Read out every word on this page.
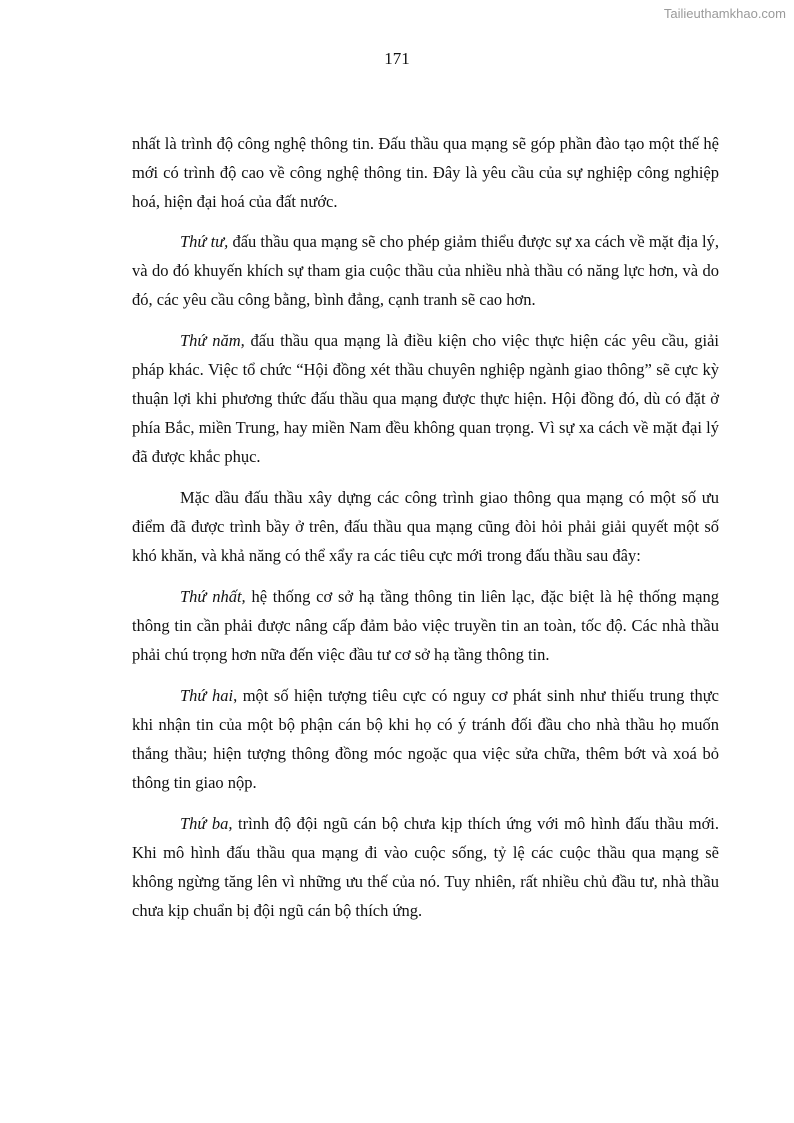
Tailieuthamkhao.com
171

nhất là trình độ công nghệ thông tin. Đấu thầu qua mạng sẽ góp phần đào tạo một thế hệ mới có trình độ cao về công nghệ thông tin. Đây là yêu cầu của sự nghiệp công nghiệp hoá, hiện đại hoá của đất nước.

Thứ tư, đấu thầu qua mạng sẽ cho phép giảm thiểu được sự xa cách về mặt địa lý, và do đó khuyến khích sự tham gia cuộc thầu của nhiều nhà thầu có năng lực hơn, và do đó, các yêu cầu công bằng, bình đẳng, cạnh tranh sẽ cao hơn.

Thứ năm, đấu thầu qua mạng là điều kiện cho việc thực hiện các yêu cầu, giải pháp khác. Việc tổ chức “Hội đồng xét thầu chuyên nghiệp ngành giao thông” sẽ cực kỳ thuận lợi khi phương thức đấu thầu qua mạng được thực hiện. Hội đồng đó, dù có đặt ở phía Bắc, miền Trung, hay miền Nam đều không quan trọng. Vì sự xa cách về mặt đại lý đã được khắc phục.

Mặc dầu đấu thầu xây dựng các công trình giao thông qua mạng có một số ưu điểm đã được trình bầy ở trên, đấu thầu qua mạng cũng đòi hỏi phải giải quyết một số khó khăn, và khả năng có thể xẩy ra các tiêu cực mới trong đấu thầu sau đây:

Thứ nhất, hệ thống cơ sở hạ tầng thông tin liên lạc, đặc biệt là hệ thống mạng thông tin cần phải được nâng cấp đảm bảo việc truyền tin an toàn, tốc độ. Các nhà thầu phải chú trọng hơn nữa đến việc đầu tư cơ sở hạ tầng thông tin.

Thứ hai, một số hiện tượng tiêu cực có nguy cơ phát sinh như thiếu trung thực khi nhận tin của một bộ phận cán bộ khi họ có ý tránh đối đầu cho nhà thầu họ muốn thắng thầu; hiện tượng thông đồng móc ngoặc qua việc sửa chữa, thêm bớt và xoá bỏ thông tin giao nộp.

Thứ ba, trình độ đội ngũ cán bộ chưa kịp thích ứng với mô hình đấu thầu mới. Khi mô hình đấu thầu qua mạng đi vào cuộc sống, tỷ lệ các cuộc thầu qua mạng sẽ không ngừng tăng lên vì những ưu thế của nó. Tuy nhiên, rất nhiều chủ đầu tư, nhà thầu chưa kịp chuẩn bị đội ngũ cán bộ thích ứng.
